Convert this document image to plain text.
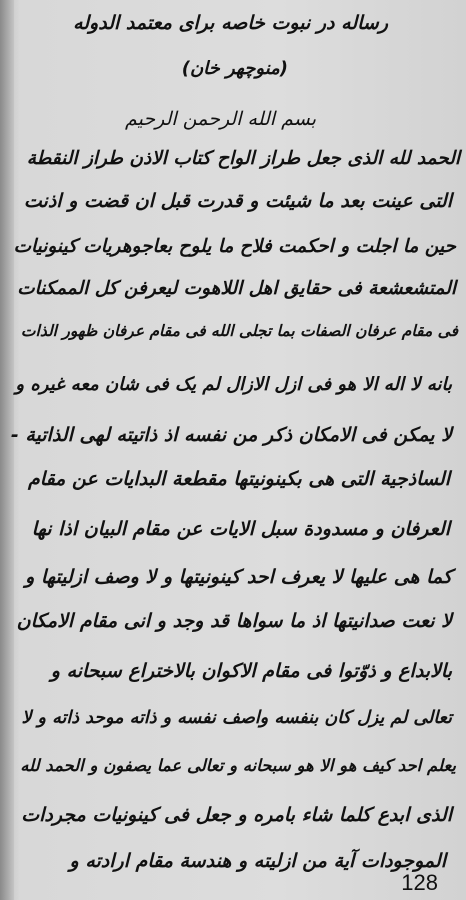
رساله در نبوت خاصه برای معتمد الدوله
(منوچهر خان)
بسم الله الرحمن الرحیم
الحمد لله الذی جعل طراز الواح کتاب الاذن طراز النقطة
التی عینت بعد ما شیئت و قدرت قبل ان قضت و اذنت
حین ما اجلت و احکمت فلاح ما یلوح بعاجوهریات کینونیات
المتشعشعة فی حقایق اهل اللاهوت لیعرفن کل الممکنات
فی مقام عرفان الصفات بما تجلی الله فی مقام عرفان ظهور الذات
بانه لا اله الا هو فی ازل الازال لم یک فی شان معه غیره و
لا یمکن فی الامکان ذکر من نفسه اذ ذاتیته لهی الذاتیة -
الساذجیة التی هی بکینونیتها مقطعة البدایات عن مقام
العرفان و مسدودة سبل الایات عن مقام البیان اذا نها
کما هی علیها لا یعرف احد کینونیتها و لا وصف ازلیتها و
لا نعت صدانیتها اذ ما سواها قد وجد و انی مقام الامکان
بالابداع و ذوّتوا فی مقام الاکوان بالاختراع سبحانه و
تعالی لم یزل کان بنفسه واصف نفسه و ذاته موحد ذاته و لا
یعلم احد کیف هو الا هو سبحانه و تعالی عما یصفون و الحمد لله
الذی ابدع کلما شاء بامره و جعل فی کینونیات مجردات
الموجودات آیة من ازلیته و هندسة مقام ارادته و
128
